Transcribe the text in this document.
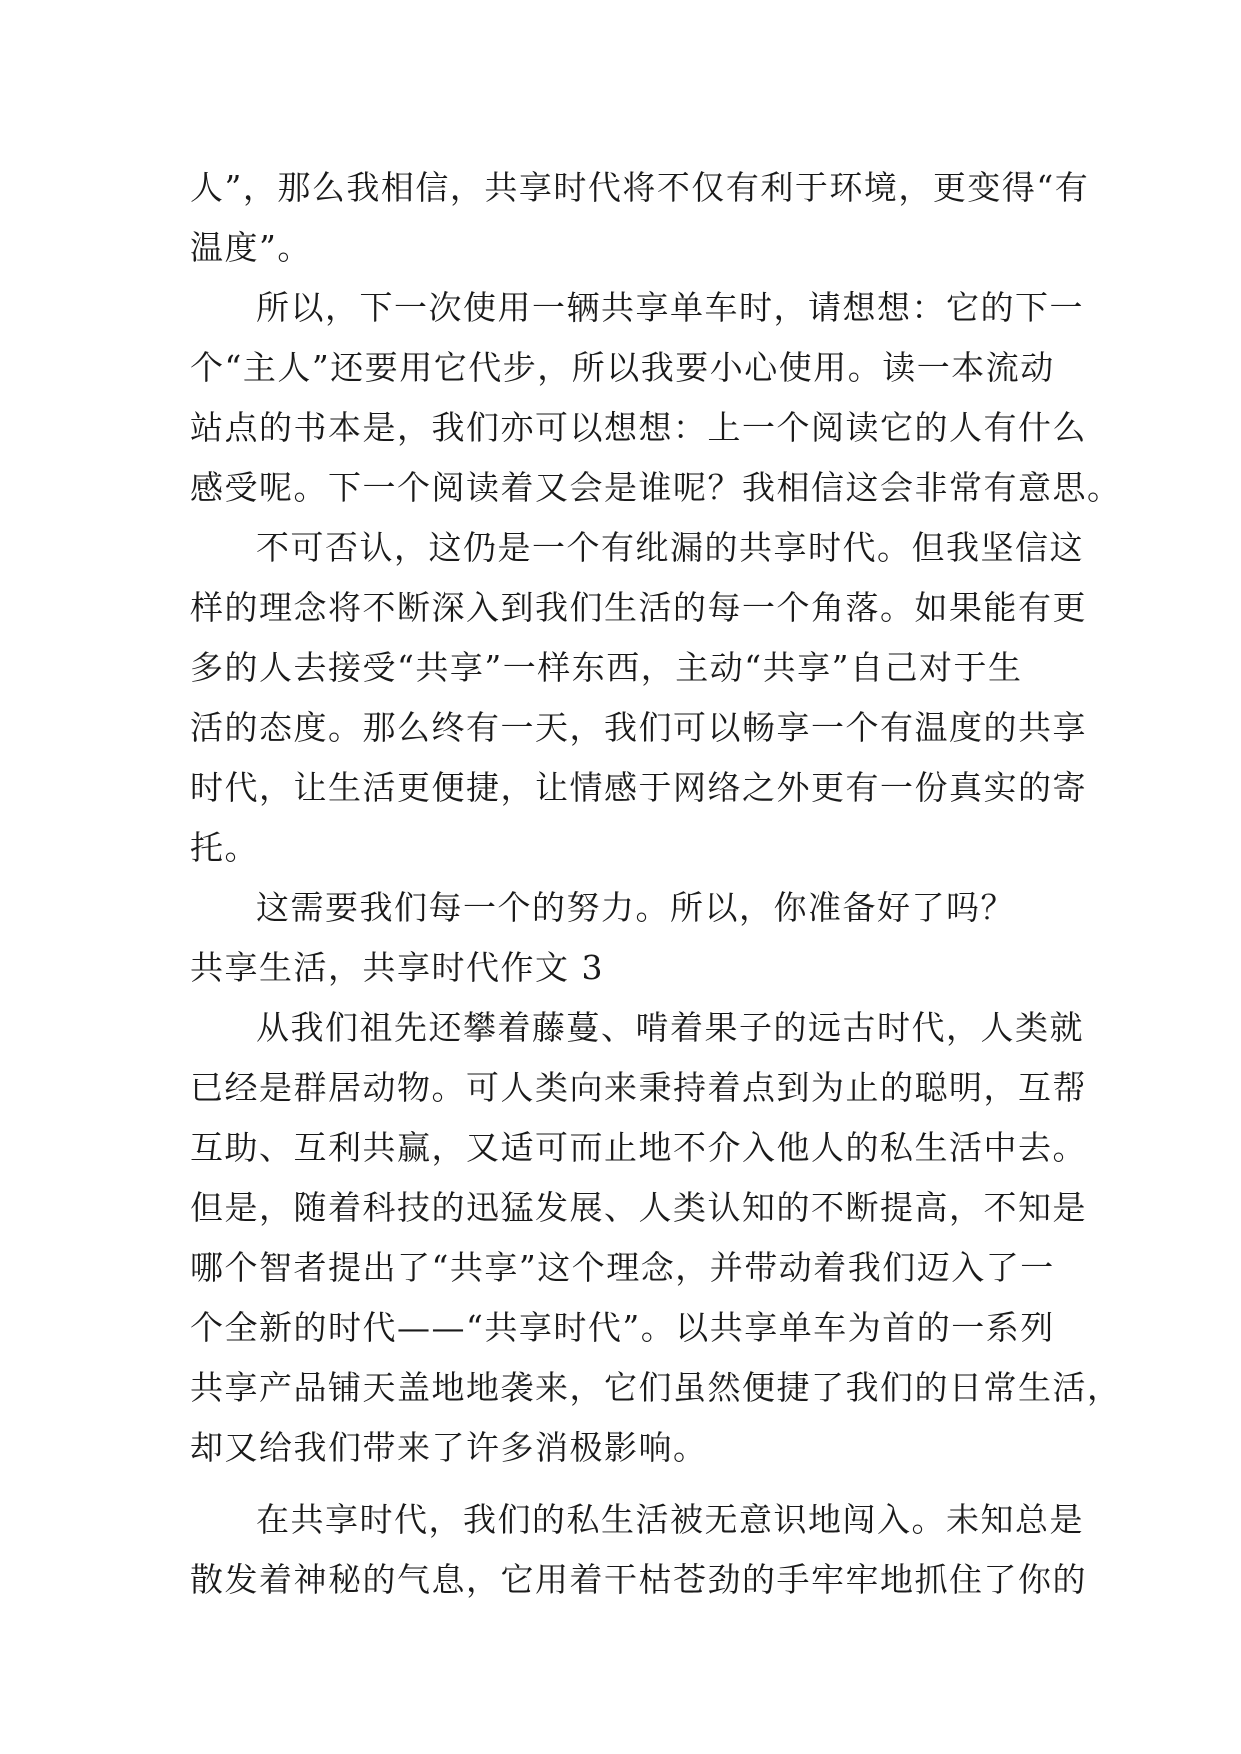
人”，那么我相信，共享时代将不仅有利于环境，更变得“有
温度”。
所以，下一次使用一辆共享单车时，请想想：它的下一
个“主人”还要用它代步，所以我要小心使用。读一本流动
站点的书本是，我们亦可以想想：上一个阅读它的人有什么
感受呢。下一个阅读着又会是谁呢？我相信这会非常有意思。
不可否认，这仍是一个有纰漏的共享时代。但我坚信这
样的理念将不断深入到我们生活的每一个角落。如果能有更
多的人去接受“共享”一样东西，主动“共享”自己对于生
活的态度。那么终有一天，我们可以畅享一个有温度的共享
时代，让生活更便捷，让情感于网络之外更有一份真实的寄
托。
这需要我们每一个的努力。所以，你准备好了吗？
共享生活，共享时代作文 3
从我们祖先还攀着藤蔓、啃着果子的远古时代，人类就
已经是群居动物。可人类向来秉持着点到为止的聪明，互帮
互助、互利共赢，又适可而止地不介入他人的私生活中去。
但是，随着科技的迅猛发展、人类认知的不断提高，不知是
哪个智者提出了“共享”这个理念，并带动着我们迈入了一
个全新的时代——“共享时代”。以共享单车为首的一系列
共享产品铺天盖地地袭来，它们虽然便捷了我们的日常生活，
却又给我们带来了许多消极影响。
在共享时代，我们的私生活被无意识地闯入。未知总是
散发着神秘的气息，它用着干枯苍劲的手牢牢地抓住了你的
